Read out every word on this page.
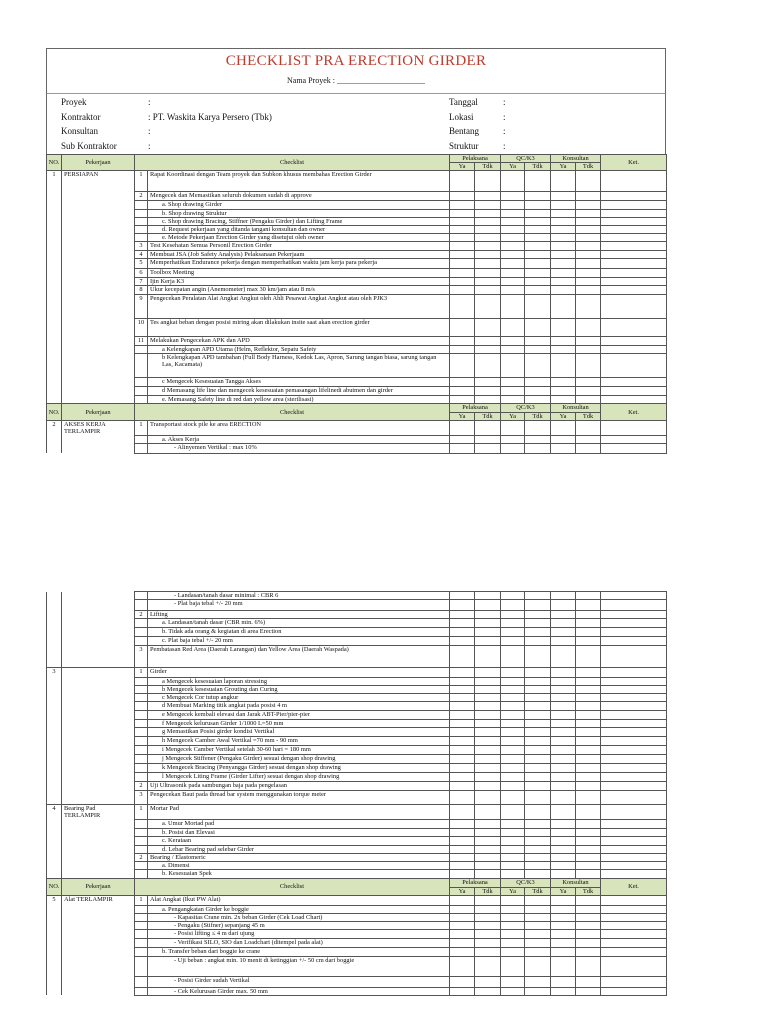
CHECKLIST PRA ERECTION GIRDER
Nama Proyek : ______________________
Proyek	:	Tanggal	:
Kontraktor	: PT. Waskita Karya Persero (Tbk)	Lokasi	:
Konsultan	:	Bentang	:
Sub Kontraktor	:	Struktur	:
NO.	Pekerjaan	Checklist		Pelaksana		QC/K3		Konsultan		Ket.
				Ya	Tdk	Ya	Tdk	Ya	Tdk	
1	PERSIAPAN	1	Rapat Koordinasi dengan Team proyek dan Subkon khusus membahas Erection Girder							
		2	Mengecek dan Memastikan seluruh dokumen sudah di approve							
			a. Shop drawing Girder							
			b. Shop drawing Struktur							
			c. Shop drawing Bracing, Stiffner (Pengaku Girder) dan Lifting Frame							
			d. Request pekerjaan yang ditanda tangani konsultan dan owner							
			e. Metode Pekerjaan Erection Girder yang disetujui oleh owner							
		3	Test Kesehatan Semua Personil Erection Girder							
		4	Membuat JSA (Job Safety Analysis) Pelaksanaan Pekerjaam							
		5	Memperhatikan Endurance pekerja dengan memperhatikan waktu jam kerja para pekerja							
		6	Toolbox Meeting							
		7	Ijin Kerja K3							
		8	Ukur kecepatan angin (Anemometer) max 30 km/jam atau 8 m/s							
		9	Pengecekan Peralatan Alat Angkat Angkut oleh Ahli Pesawat Angkat Angkut atau oleh PJK3							
		10	Tes angkat beban dengan posisi miring akan dilakukan insite saat akan erection girder							
		11	Melakukan Pengecekan APK dan APD							
			a Kelengkapan APD Utama (Helm, Reflektor, Sepatu Safety							
			b Kelengkapan APD tambahan (Full Body Harness, Kedok Las, Apron, Sarung tangan biasa, sarung tangan Las, Kacamata)							
			c Mengecek Kesesuaian Tangga Akses							
			d Memasang life line dan mengecek kesesuaian pemasangan lifelinedi abutmen dan girder							
			e. Memasang Safety line di red dan yellow area (sterilisasi)							
NO.	Pekerjaan	Checklist		Pelaksana		QC/K3		Konsultan		Ket.
				Ya	Tdk	Ya	Tdk	Ya	Tdk	
2	AKSES KERJA TERLAMPIR	1	Transportasi stock pile ke area ERECTION							
			a. Akses Kerja							
			- Alinyemen Vertikal : max 10%							
			- Landasan/tanah dasar minimal : CBR 6							
			- Plat baja tebal +/- 20 mm							
		2	Lifting							
			a. Landasan/tanah dasar (CBR min. 6%)							
			b. Tidak ada orang & kegiatan di area Erection							
			c. Plat baja tebal +/- 20 mm							
		3	Pembatasan Red Area (Daerah Larangan) dan Yellow Area (Daerah Waspada)							
3		1	Girder							
			a Mengecek kesesuaian laporan stressing							
			b Mengecek kesesuaian Grouting dan Curing							
			c Mengecek Cor tutup angkur							
			d Membuat Marking titik angkat pada posisi 4 m							
			e Mengecek kembali elevasi dan Jarak ABT-Pier/pier-pier							
			f Mengecek kelurusan Girder 1/1000 L=50 mm							
			g Memastikan Posisi girder kondisi Vertikal							
			h Mengecek Camber Awal Vertikal =70 mm - 90 mm							
			i Mengecek Camber Vertikal setelah 30-60 hari = 180 mm							
			j Mengecek Stiffener (Pengaku Girder) sesuai dengan shop drawing							
			k Mengecek Bracing (Penyangga Girder) sesuai dengan shop drawing							
			l Mengecek Liting Frame (Girder Lifter) sesuai dengan shop drawing							
		2	Uji Ultrasonik pada sambungan baja pada pengelasan							
		3	Pengecekan Baut pada thread bar system menggunakan torque meter							
4	Bearing Pad TERLAMPIR	1	Mortar Pad							
			a. Umur Mortad pad							
			b. Posisi dan Elevasi							
			c. Kerataan							
			d. Lebar Bearing pad selebar Girder							
		2	Bearing / Elastomeric							
			a. Dimensi							
			b. Kesesuaian Spek							
NO.	Pekerjaan	Checklist		Pelaksana		QC/K3		Konsultan		Ket.
				Ya	Tdk	Ya	Tdk	Ya	Tdk	
5	Alat TERLAMPIR	1	Alat Angkat (Ikut PW Alat)							
			a. Pengangkatan Girder ke boggie							
			- Kapasitas Crane min. 2x beban Girder (Cek Load Chart)							
			- Pengaku (Stifner) sepanjang 45 m							
			- Posisi lifting ≤ 4 m dari ujung							
			- Verifikasi SILO, SIO dan Loadchart (ditempel pada alat)							
			b. Transfer beban dari boggie ke crane							
			- Uji beban : angkat min. 10 menit di ketinggian +/- 50 cm dari boggie							
			- Posisi Girder sudah Vertikal							
			- Cek Kelurusan Girder max. 50 mm							
